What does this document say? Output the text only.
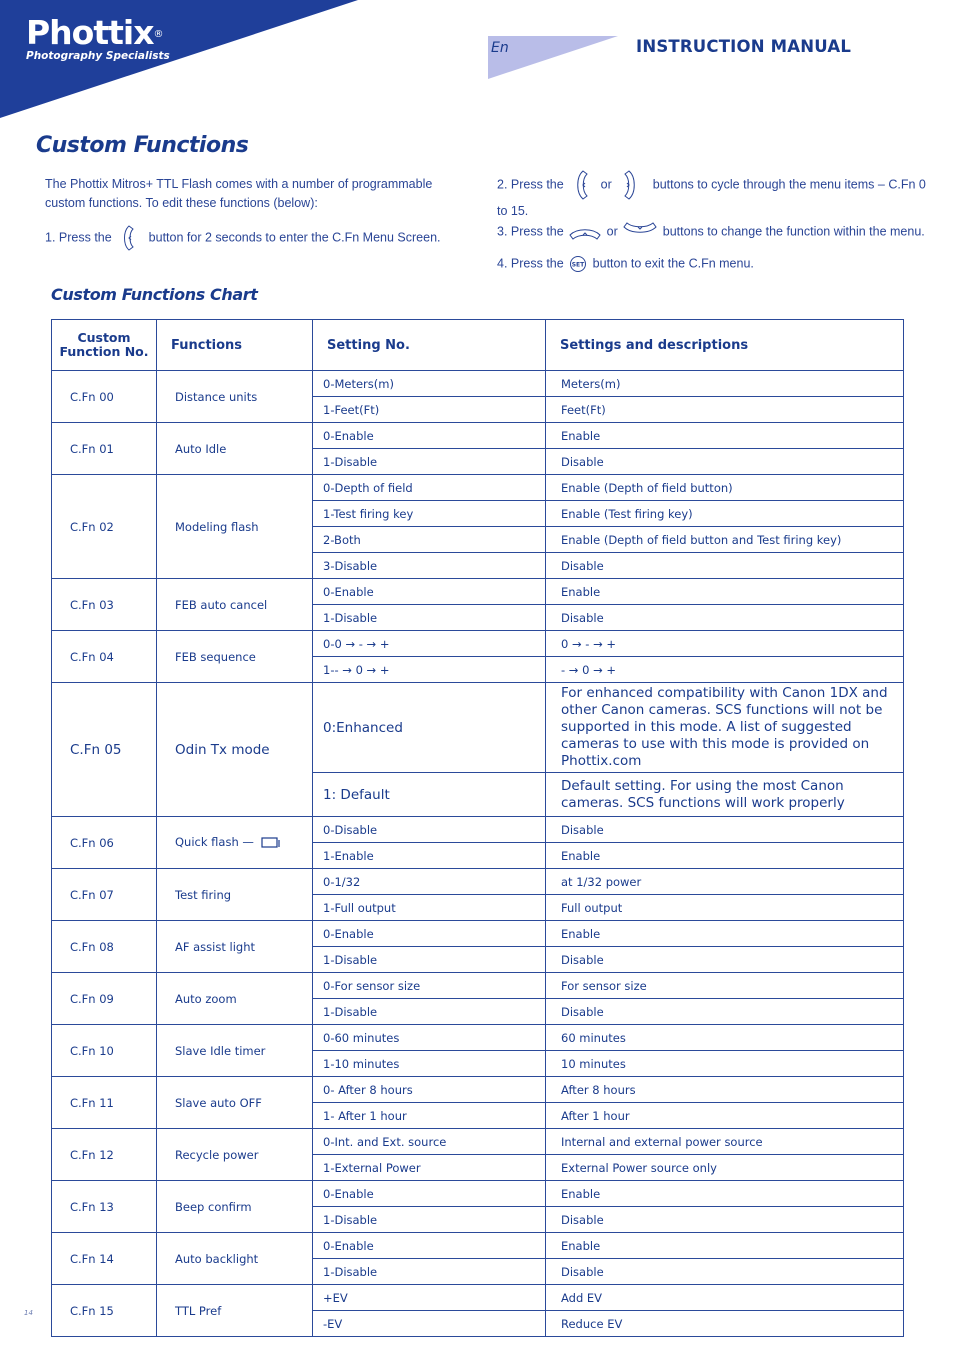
Phottix®
Photography Specialists	En	INSTRUCTION MANUAL
Custom Functions
The Phottix Mitros+ TTL Flash comes with a number of programmable custom functions. To edit these functions (below):
1. Press the	button for 2 seconds to enter the C.Fn Menu Screen.
2. Press the	or	buttons to cycle through the menu items – C.Fn 0
to 15.
3. Press the	or	buttons to change the function within the menu.
4. Press the SET button to exit the C.Fn menu.
Custom Functions Chart
Custom Function No.	Functions	Setting No.	Settings and descriptions
C.Fn 00	Distance units	0-Meters(m)	Meters(m)
		1-Feet(Ft)	Feet(Ft)
C.Fn 01	Auto Idle	0-Enable	Enable
		1-Disable	Disable
C.Fn 02	Modeling flash	0-Depth of field	Enable (Depth of field button)
		1-Test firing key	Enable (Test firing key)
		2-Both	Enable (Depth of field button and Test firing key)
		3-Disable	Disable
C.Fn 03	FEB auto cancel	0-Enable	Enable
		1-Disable	Disable
C.Fn 04	FEB sequence	0-0 → - → +	0 → - → +
		1-- → 0 → +	- → 0 → +
C.Fn 05	Odin Tx mode	0:Enhanced	For enhanced compatibility with Canon 1DX and other Canon cameras. SCS functions will not be supported in this mode. A list of suggested cameras to use with this mode is provided on Phottix.com
		1: Default	Default setting. For using the most Canon cameras. SCS functions will work properly
C.Fn 06	Quick flash —	0-Disable	Disable
		1-Enable	Enable
C.Fn 07	Test firing	0-1/32	at 1/32 power
		1-Full output	Full output
C.Fn 08	AF assist light	0-Enable	Enable
		1-Disable	Disable
C.Fn 09	Auto zoom	0-For sensor size	For sensor size
		1-Disable	Disable
C.Fn 10	Slave Idle timer	0-60 minutes	60 minutes
		1-10 minutes	10 minutes
C.Fn 11	Slave auto OFF	0- After 8 hours	After 8 hours
		1- After 1 hour	After 1 hour
C.Fn 12	Recycle power	0-Int. and Ext. source	Internal and external power source
		1-External Power	External Power source only
C.Fn 13	Beep confirm	0-Enable	Enable
		1-Disable	Disable
C.Fn 14	Auto backlight	0-Enable	Enable
		1-Disable	Disable
C.Fn 15	TTL Pref	+EV	Add EV
		-EV	Reduce EV
14
